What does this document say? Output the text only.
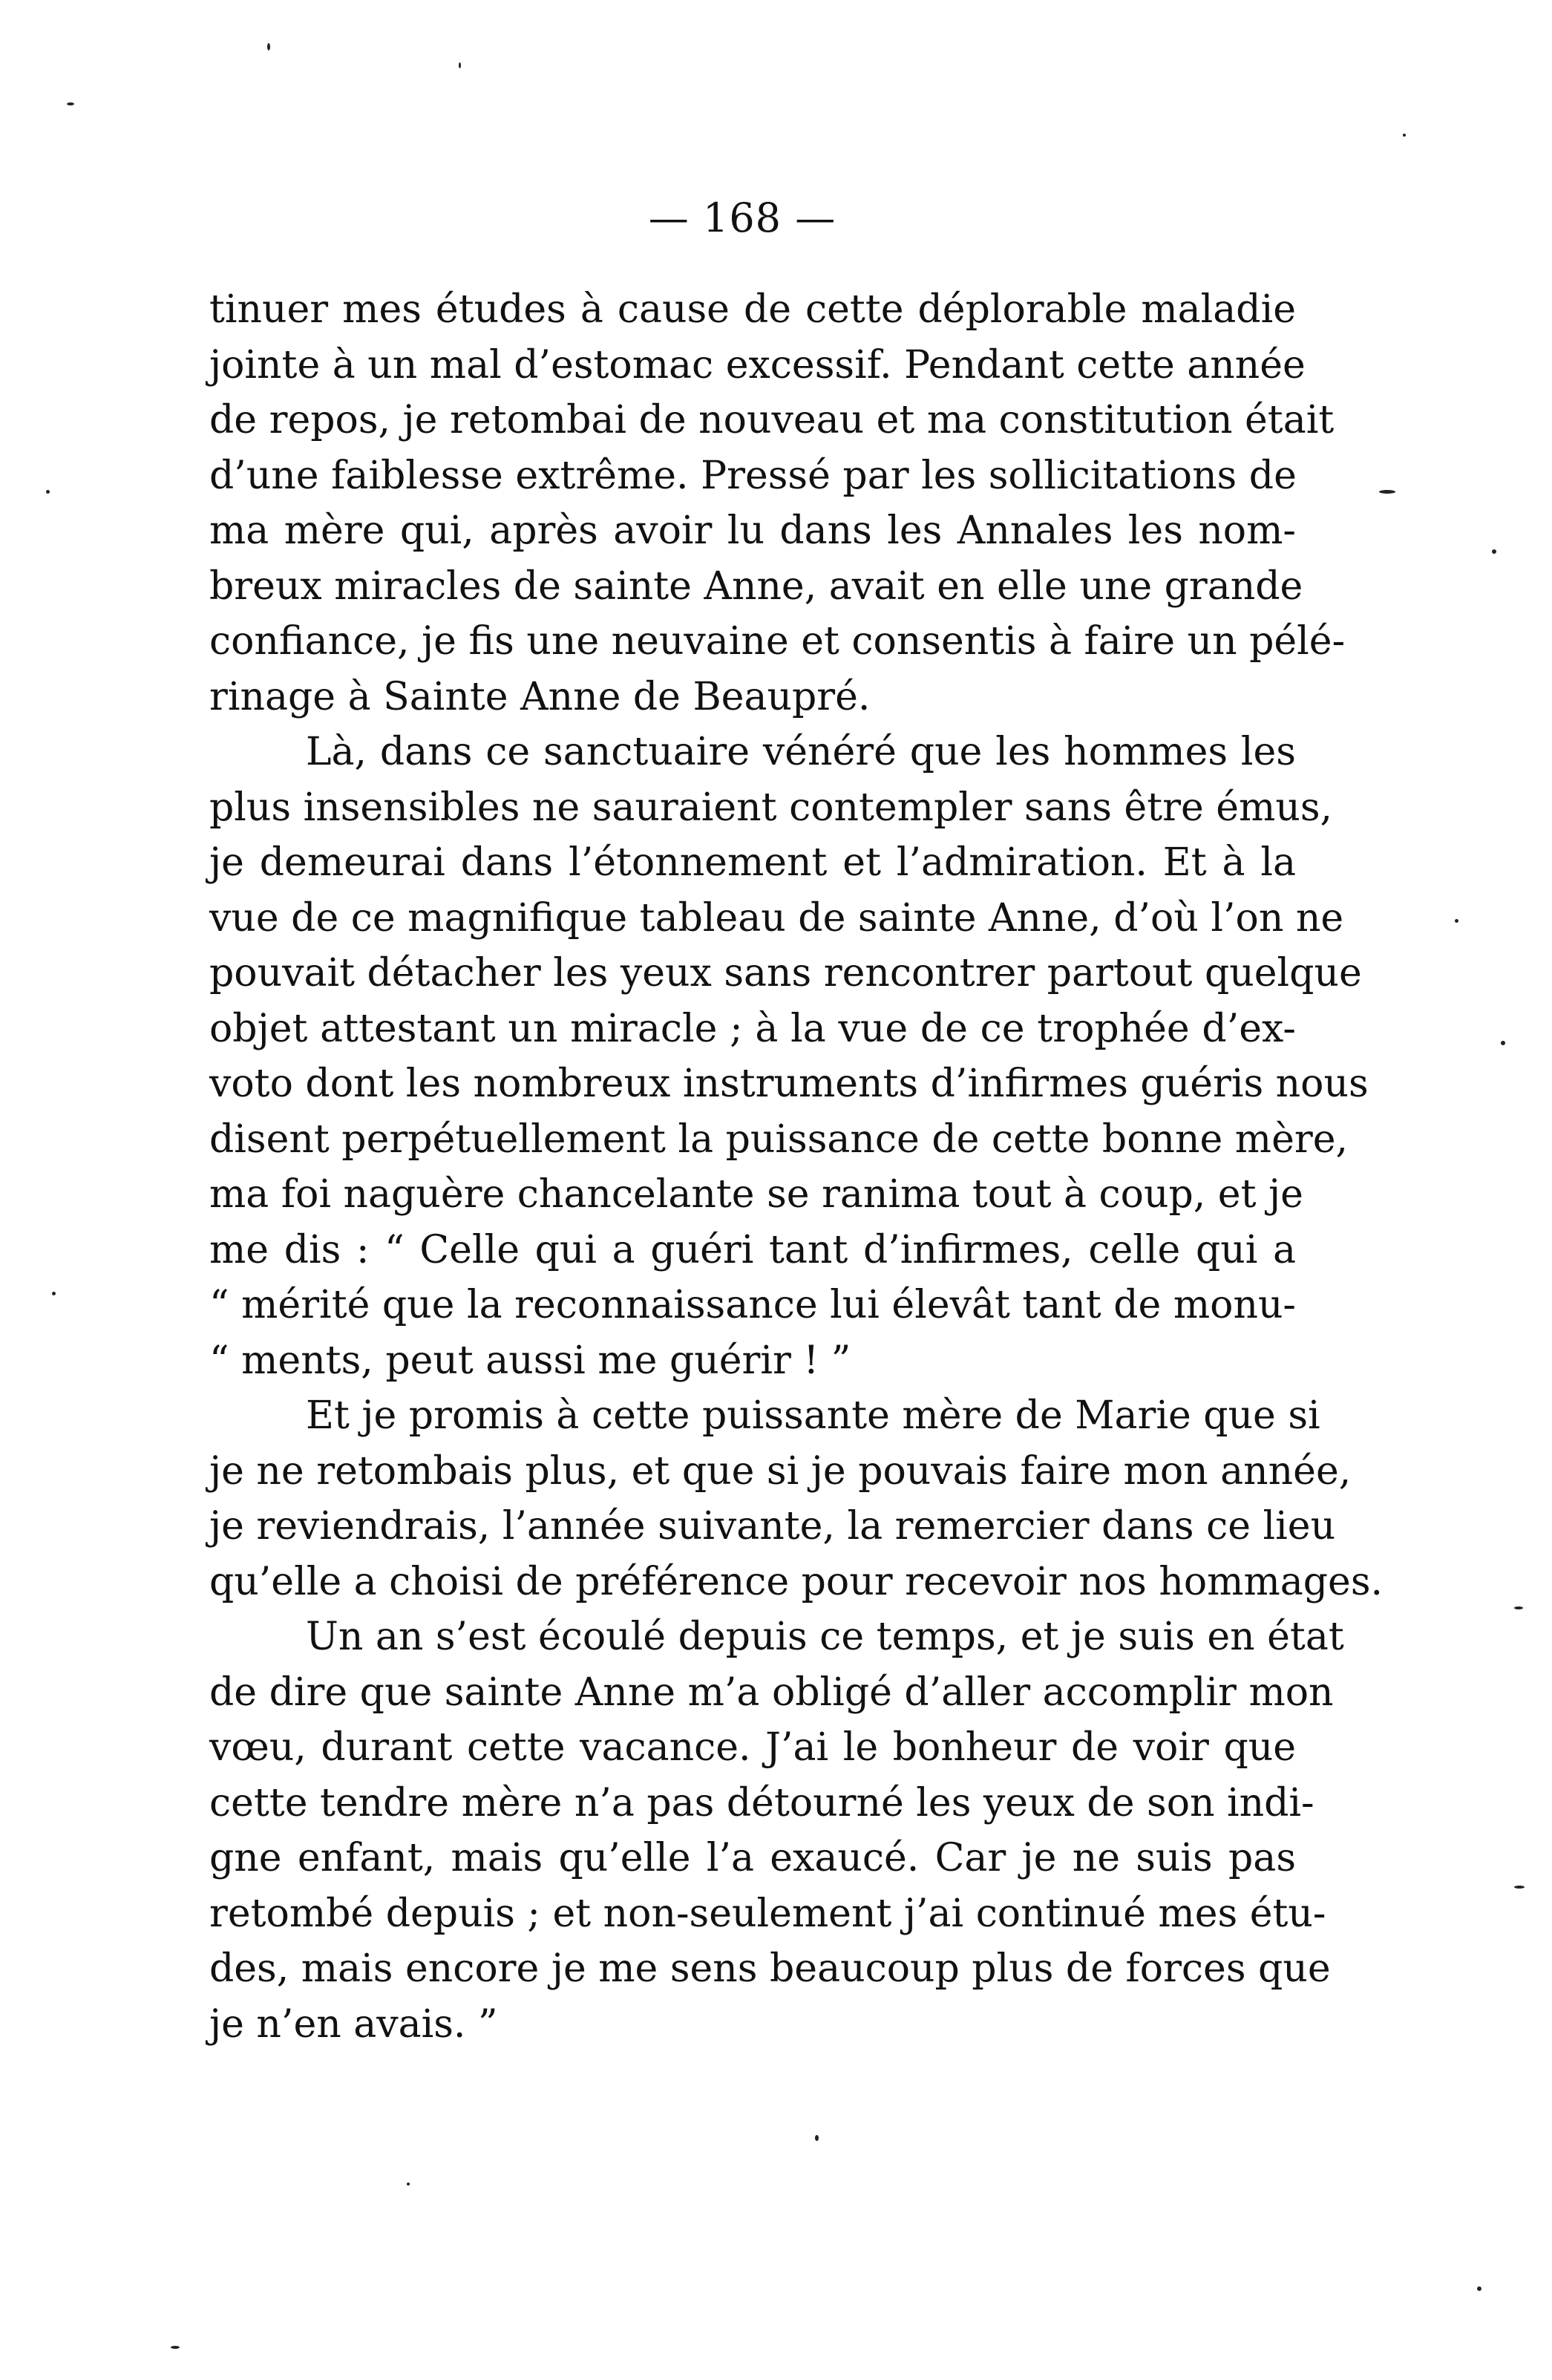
— 168 —
tinuer mes études à cause de cette déplorable maladie
jointe à un mal d’estomac excessif. Pendant cette année
de repos, je retombai de nouveau et ma constitution était
d’une faiblesse extrême. Pressé par les sollicitations de
ma mère qui, après avoir lu dans les Annales les nom-
breux miracles de sainte Anne, avait en elle une grande
confiance, je fis une neuvaine et consentis à faire un pélé-
rinage à Sainte Anne de Beaupré.
Là, dans ce sanctuaire vénéré que les hommes les
plus insensibles ne sauraient contempler sans être émus,
je demeurai dans l’étonnement et l’admiration. Et à la
vue de ce magnifique tableau de sainte Anne, d’où l’on ne
pouvait détacher les yeux sans rencontrer partout quelque
objet attestant un miracle ; à la vue de ce trophée d’ex-
voto dont les nombreux instruments d’infirmes guéris nous
disent perpétuellement la puissance de cette bonne mère,
ma foi naguère chancelante se ranima tout à coup, et je
me dis : “ Celle qui a guéri tant d’infirmes, celle qui a
“ mérité que la reconnaissance lui élevât tant de monu-
“ ments, peut aussi me guérir ! ”
Et je promis à cette puissante mère de Marie que si
je ne retombais plus, et que si je pouvais faire mon année,
je reviendrais, l’année suivante, la remercier dans ce lieu
qu’elle a choisi de préférence pour recevoir nos hommages.
Un an s’est écoulé depuis ce temps, et je suis en état
de dire que sainte Anne m’a obligé d’aller accomplir mon
vœu, durant cette vacance. J’ai le bonheur de voir que
cette tendre mère n’a pas détourné les yeux de son indi-
gne enfant, mais qu’elle l’a exaucé. Car je ne suis pas
retombé depuis ; et non-seulement j’ai continué mes étu-
des, mais encore je me sens beaucoup plus de forces que
je n’en avais. ”
